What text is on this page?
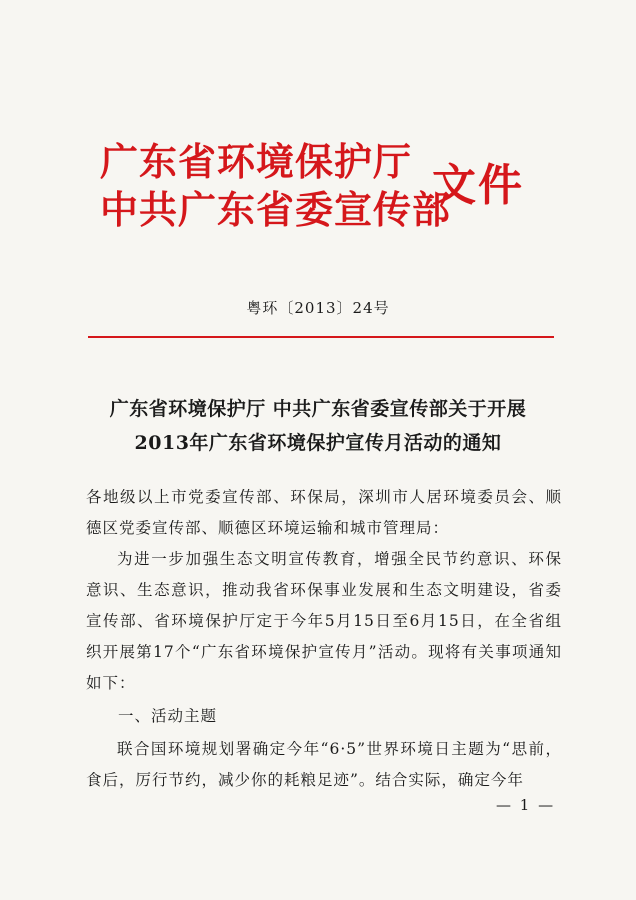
广东省环境保护厅
中共广东省委宣传部
文件
粤环〔2013〕24号
广东省环境保护厅 中共广东省委宣传部关于开展
2013年广东省环境保护宣传月活动的通知

各地级以上市党委宣传部、环保局，深圳市人居环境委员会、顺德区党委宣传部、顺德区环境运输和城市管理局：

为进一步加强生态文明宣传教育，增强全民节约意识、环保意识、生态意识，推动我省环保事业发展和生态文明建设，省委宣传部、省环境保护厅定于今年5月15日至6月15日，在全省组织开展第17个“广东省环境保护宣传月”活动。现将有关事项通知如下：

一、活动主题

联合国环境规划署确定今年“6·5”世界环境日主题为“思前，食后，厉行节约，减少你的耗粮足迹”。结合实际，确定今年

— 1 —
